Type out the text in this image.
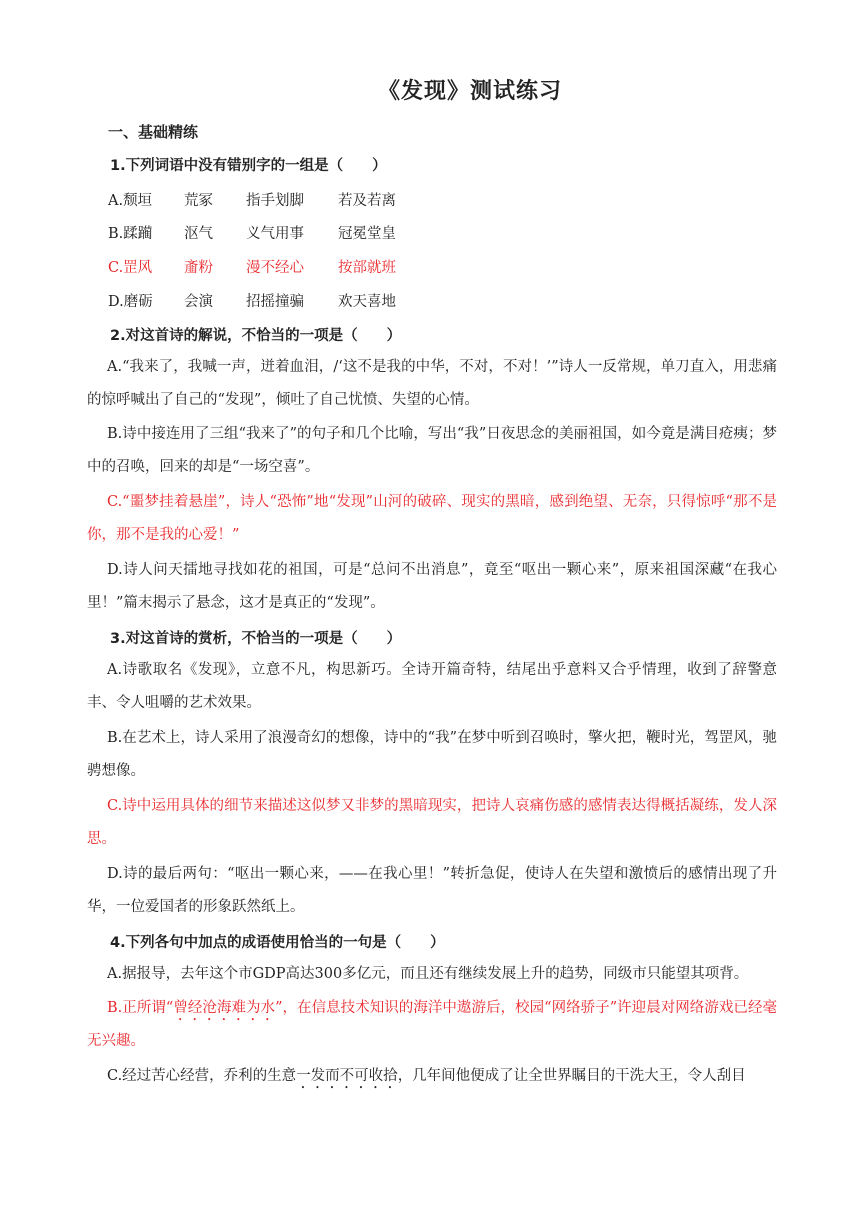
《发现》测试练习
一、基础精练
1.下列词语中没有错别字的一组是（　　）
A.颓垣	荒冢	指手划脚	若及若离
B.蹂躏	沤气	义气用事	冠冕堂皇
C.罡风	齑粉	漫不经心	按部就班
D.磨砺	会演	招摇撞骗	欢天喜地
2.对这首诗的解说，不恰当的一项是（　　）
A.“我来了，我喊一声，迸着血泪，/‘这不是我的中华，不对，不对！’”诗人一反常规，单刀直入，用悲痛的惊呼喊出了自己的“发现”，倾吐了自己忧愤、失望的心情。
B.诗中接连用了三组“我来了”的句子和几个比喻，写出“我”日夜思念的美丽祖国，如今竟是满目疮痍；梦中的召唤，回来的却是“一场空喜”。
C.“噩梦挂着悬崖”，诗人“恐怖”地“发现”山河的破碎、现实的黑暗，感到绝望、无奈，只得惊呼“那不是你，那不是我的心爱！”
D.诗人问天擂地寻找如花的祖国，可是“总问不出消息”，竟至“呕出一颗心来”，原来祖国深藏“在我心里！”篇末揭示了悬念，这才是真正的“发现”。
3.对这首诗的赏析，不恰当的一项是（　　）
A.诗歌取名《发现》，立意不凡，构思新巧。全诗开篇奇特，结尾出乎意料又合乎情理，收到了辞警意丰、令人咀嚼的艺术效果。
B.在艺术上，诗人采用了浪漫奇幻的想像，诗中的“我”在梦中听到召唤时，擎火把，鞭时光，驾罡风，驰骋想像。
C.诗中运用具体的细节来描述这似梦又非梦的黑暗现实，把诗人哀痛伤感的感情表达得概括凝练，发人深思。
D.诗的最后两句：“呕出一颗心来，——在我心里！”转折急促，使诗人在失望和激愤后的感情出现了升华，一位爱国者的形象跃然纸上。
4.下列各句中加点的成语使用恰当的一句是（　　）
A.据报导，去年这个市GDP高达300多亿元，而且还有继续发展上升的趋势，同级市只能望其项背。
B.正所谓“曾经沧海难为水”，在信息技术知识的海洋中遨游后，校园“网络骄子”许迎晨对网络游戏已经毫无兴趣。
C.经过苦心经营，乔利的生意一发而不可收拾，几年间他便成了让全世界瞩目的干洗大王，令人刮目
